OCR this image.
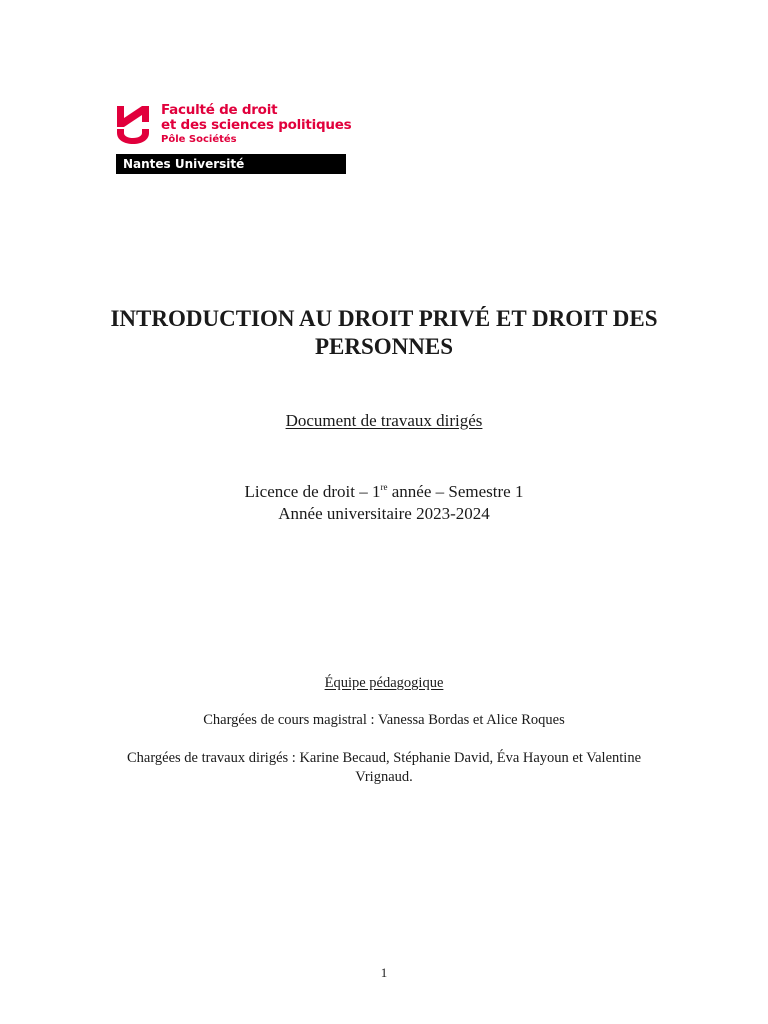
Faculté de droit
et des sciences politiques
Pôle Sociétés
Nantes Université
INTRODUCTION AU DROIT PRIVÉ ET DROIT DES PERSONNES
Document de travaux dirigés
Licence de droit – 1re année – Semestre 1
Année universitaire 2023-2024
Équipe pédagogique
Chargées de cours magistral : Vanessa Bordas et Alice Roques
Chargées de travaux dirigés : Karine Becaud, Stéphanie David, Éva Hayoun et Valentine Vrignaud.
1
